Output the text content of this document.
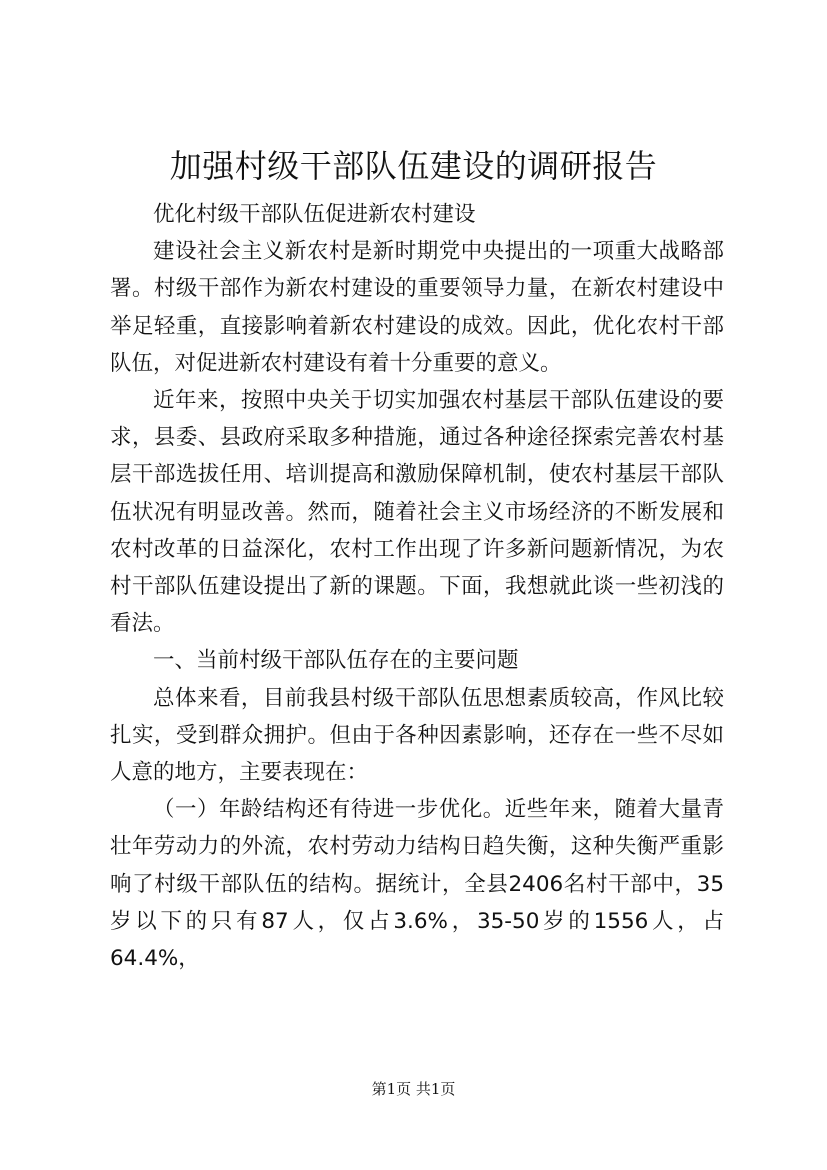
加强村级干部队伍建设的调研报告

优化村级干部队伍促进新农村建设

建设社会主义新农村是新时期党中央提出的一项重大战略部署。村级干部作为新农村建设的重要领导力量，在新农村建设中举足轻重，直接影响着新农村建设的成效。因此，优化农村干部队伍，对促进新农村建设有着十分重要的意义。

近年来，按照中央关于切实加强农村基层干部队伍建设的要求，县委、县政府采取多种措施，通过各种途径探索完善农村基层干部选拔任用、培训提高和激励保障机制，使农村基层干部队伍状况有明显改善。然而，随着社会主义市场经济的不断发展和农村改革的日益深化，农村工作出现了许多新问题新情况，为农村干部队伍建设提出了新的课题。下面，我想就此谈一些初浅的看法。

一、当前村级干部队伍存在的主要问题

总体来看，目前我县村级干部队伍思想素质较高，作风比较扎实，受到群众拥护。但由于各种因素影响，还存在一些不尽如人意的地方，主要表现在：

（一）年龄结构还有待进一步优化。近些年来，随着大量青壮年劳动力的外流，农村劳动力结构日趋失衡，这种失衡严重影响了村级干部队伍的结构。据统计，全县2406名村干部中，35岁以下的只有87人，仅占3.6%，35-50岁的1556人，占64.4%，

第1页 共1页
